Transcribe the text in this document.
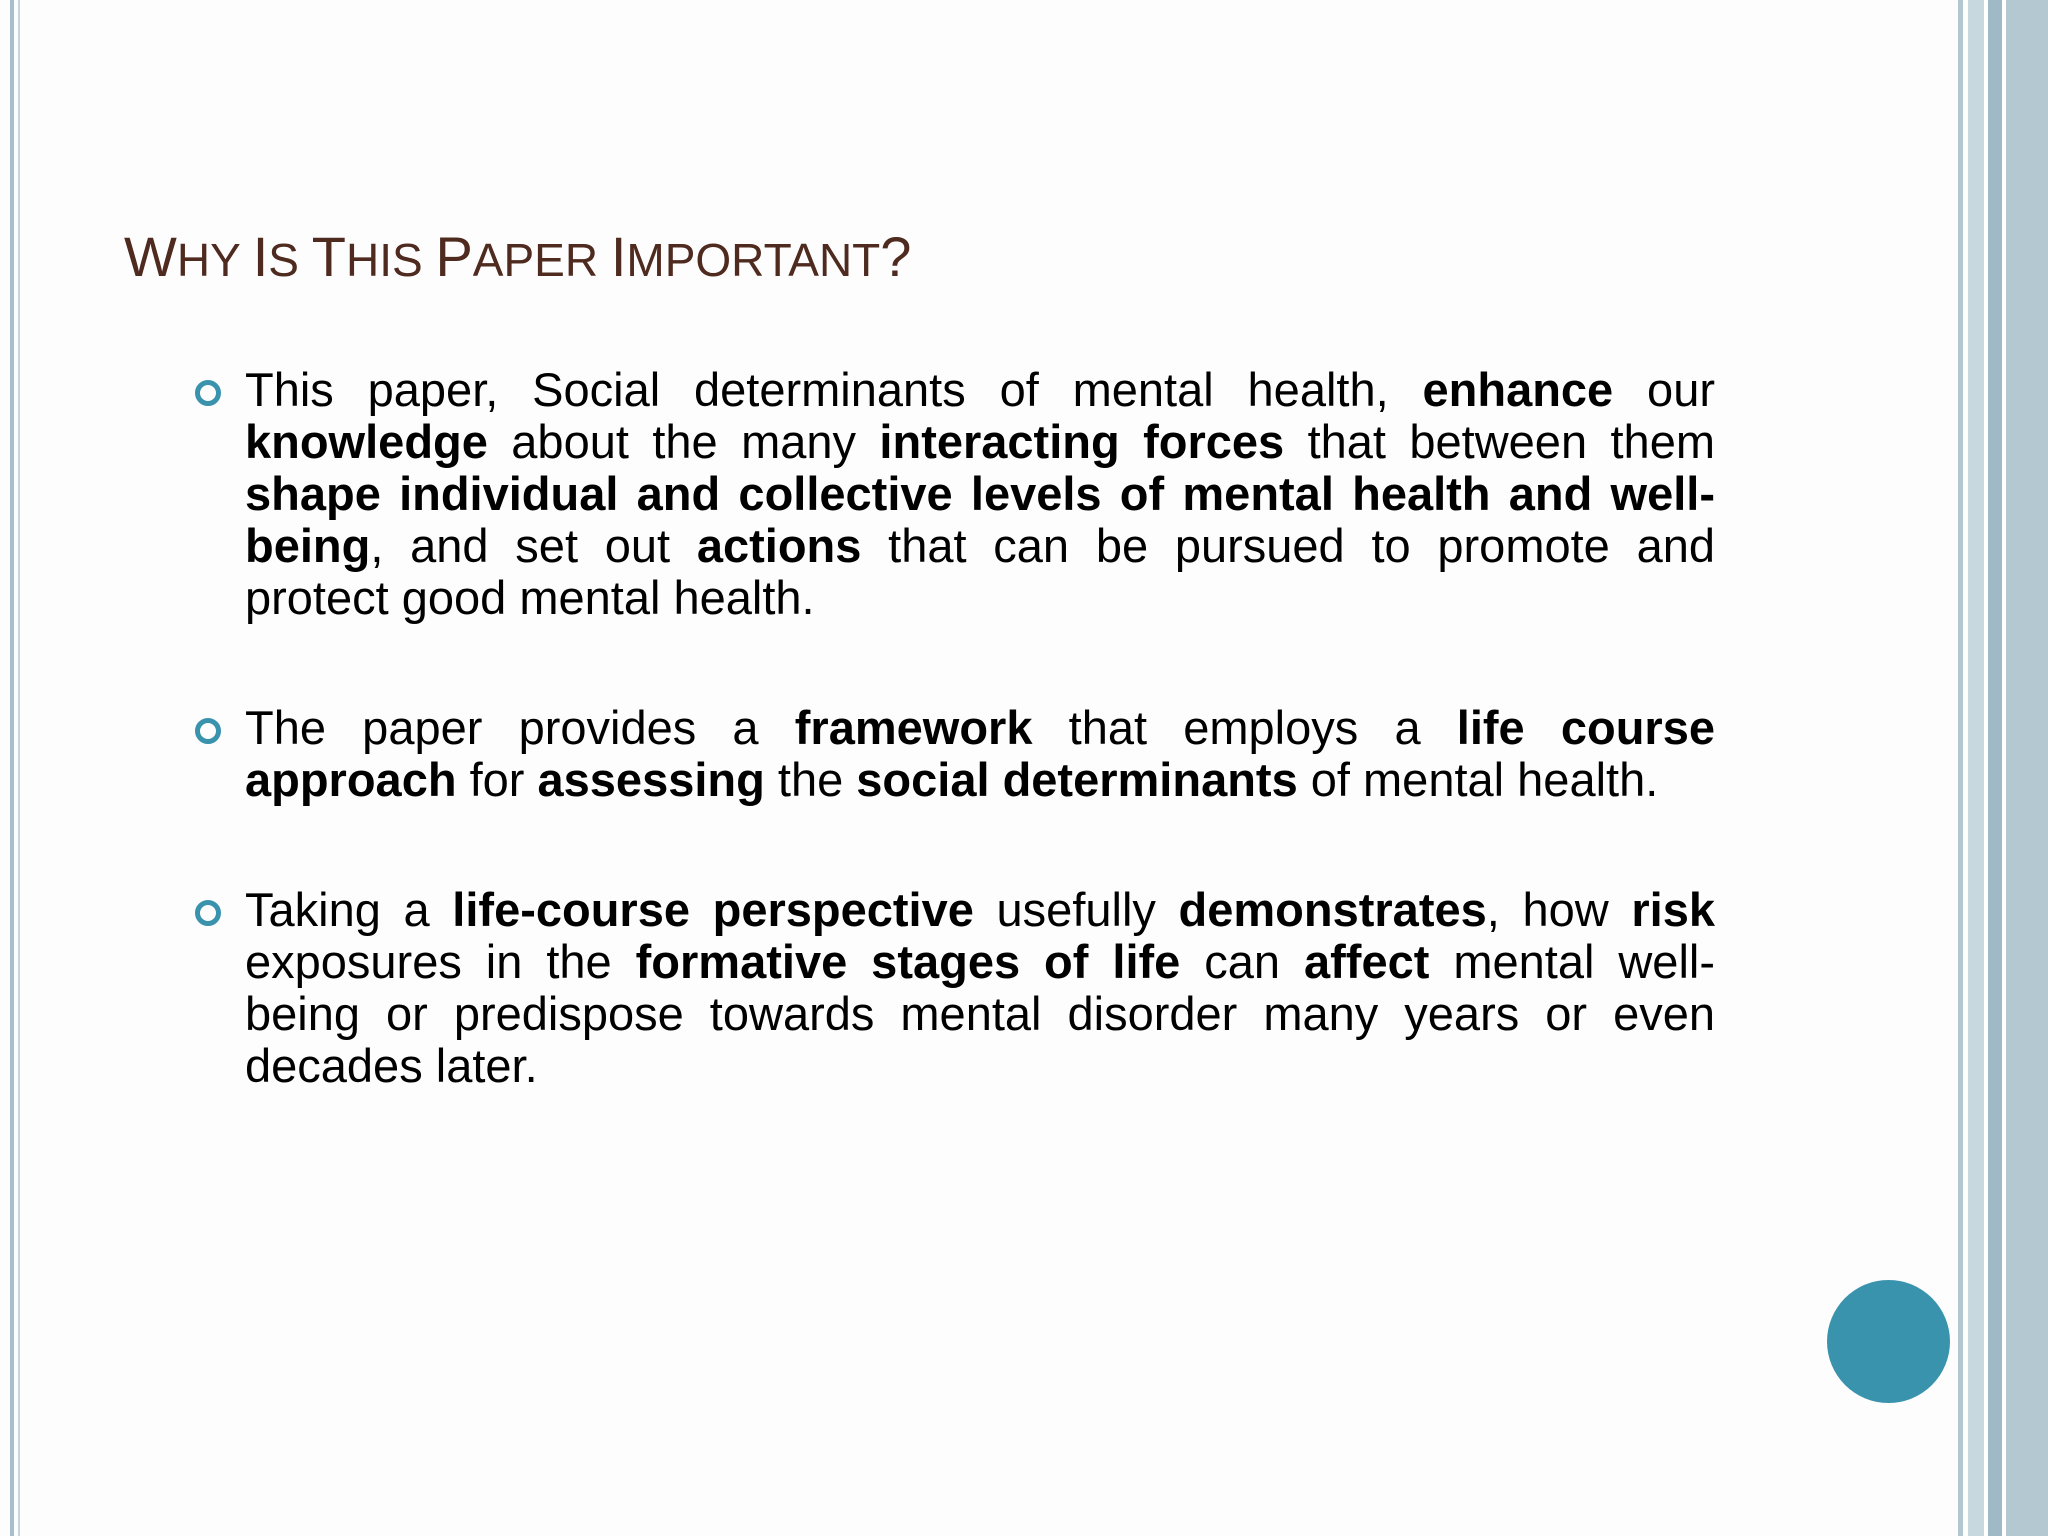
WHY IS THIS PAPER IMPORTANT?

This paper, Social determinants of mental health, enhance our knowledge about the many interacting forces that between them shape individual and collective levels of mental health and well-being, and set out actions that can be pursued to promote and protect good mental health.

The paper provides a framework that employs a life course approach for assessing the social determinants of mental health.

Taking a life-course perspective usefully demonstrates, how risk exposures in the formative stages of life can affect mental well-being or predispose towards mental disorder many years or even decades later.
